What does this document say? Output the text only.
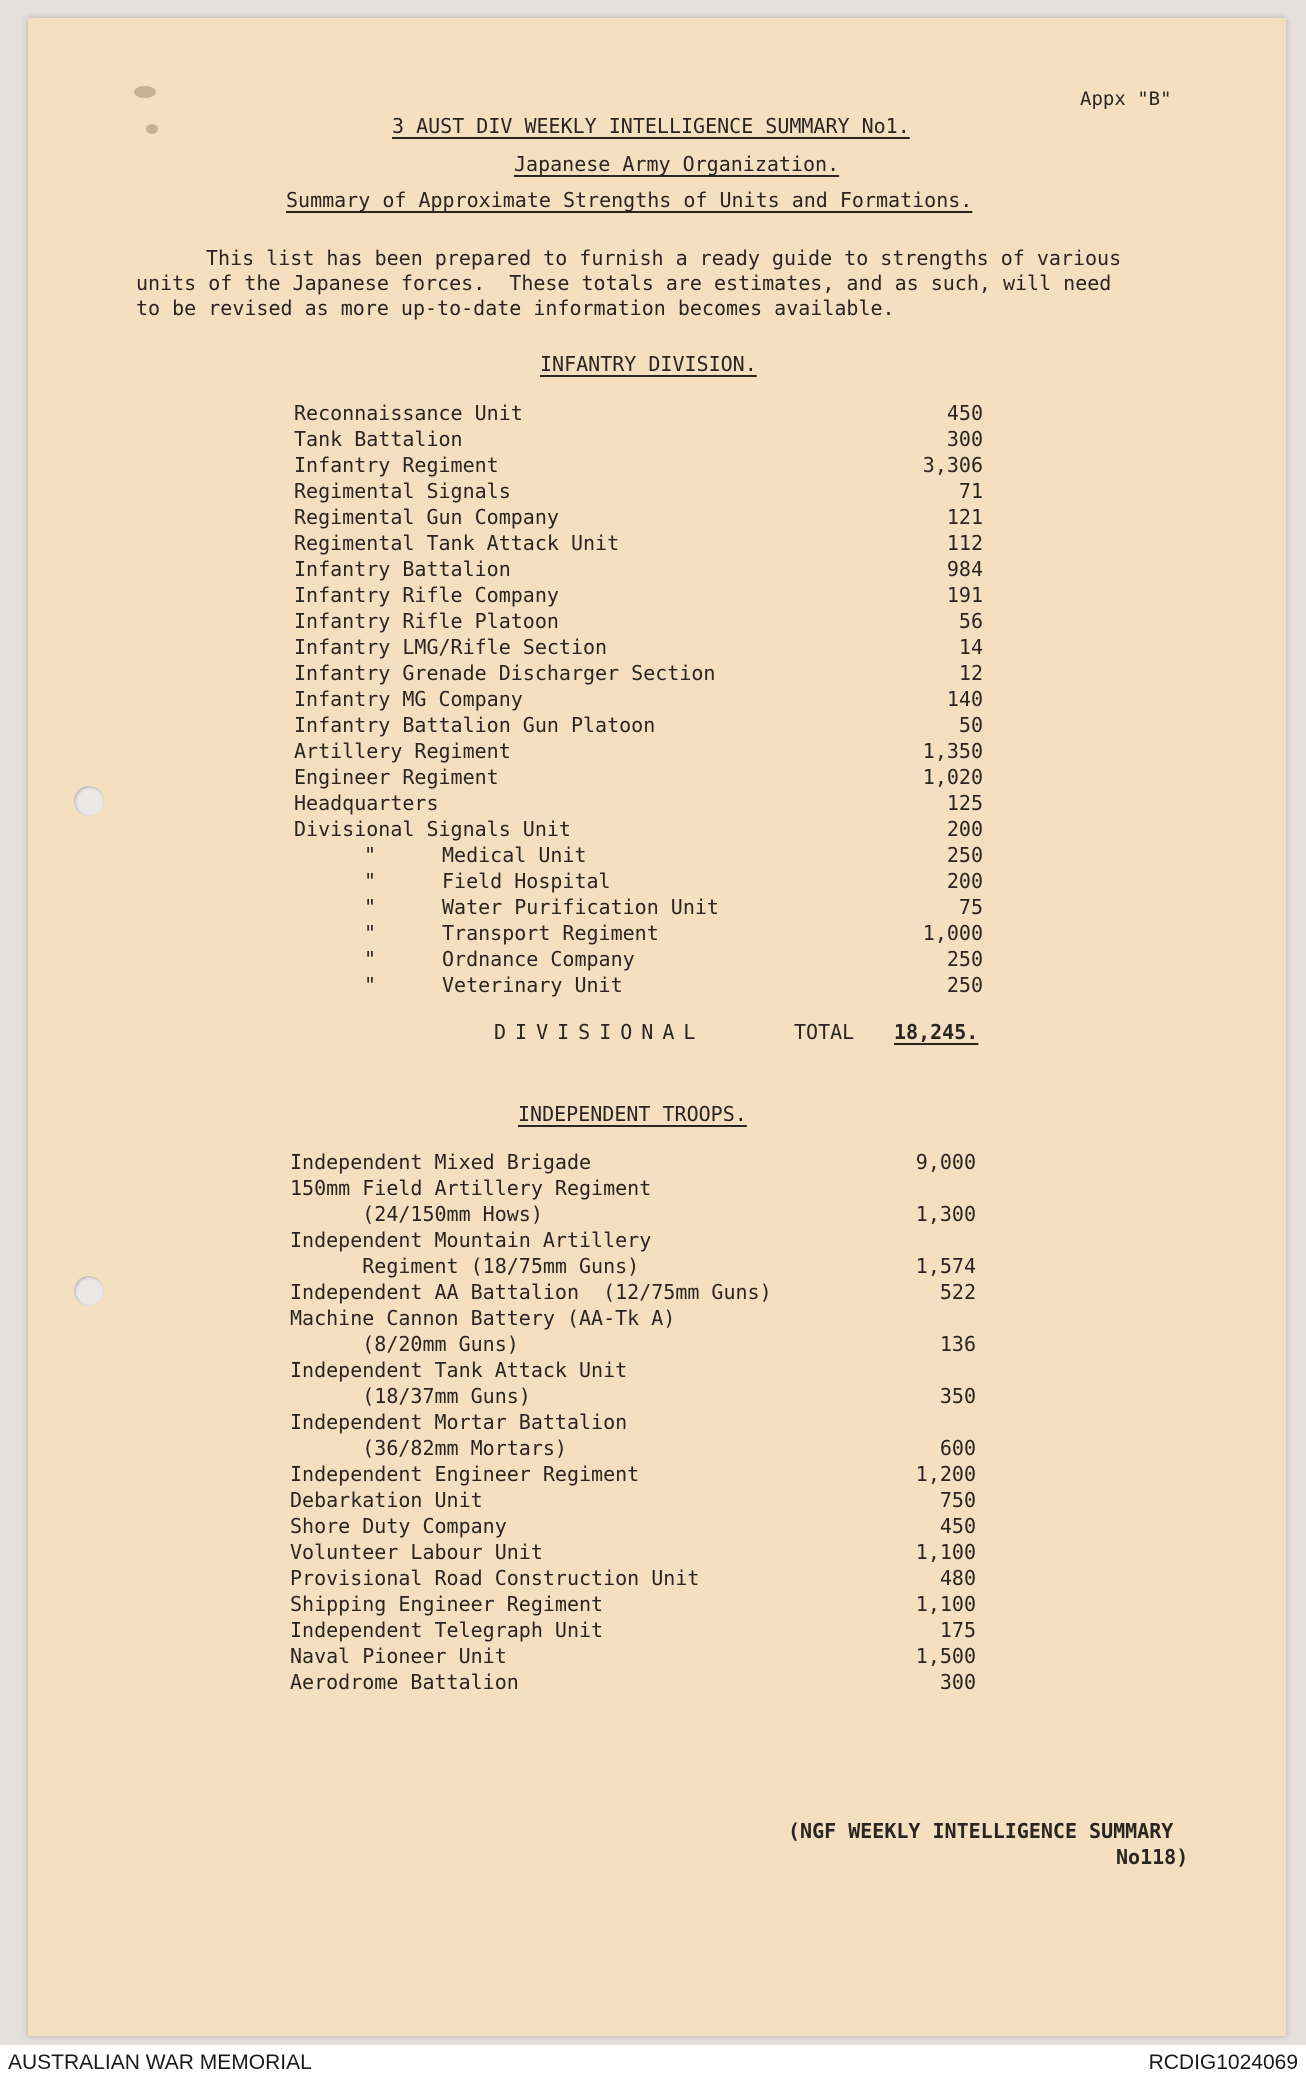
Appx "B"
3 AUST DIV WEEKLY INTELLIGENCE SUMMARY No1.
Japanese Army Organization.
Summary of Approximate Strengths of Units and Formations.

This list has been prepared to furnish a ready guide to strengths of various

units of the Japanese forces.  These totals are estimates, and as such, will need

to be revised as more up-to-date information becomes available.

INFANTRY DIVISION.
Reconnaissance Unit	450
Tank Battalion	300
Infantry Regiment	3,306
Regimental Signals	71
Regimental Gun Company	121
Regimental Tank Attack Unit	112
Infantry Battalion	984
Infantry Rifle Company	191
Infantry Rifle Platoon	56
Infantry LMG/Rifle Section	14
Infantry Grenade Discharger Section	12
Infantry MG Company	140
Infantry Battalion Gun Platoon	50
Artillery Regiment	1,350
Engineer Regiment	1,020
Headquarters	125
Divisional Signals Unit	200
"	Medical Unit	250
"	Field Hospital	200
"	Water Purification Unit	75
"	Transport Regiment	1,000
"	Ordnance Company	250
"	Veterinary Unit	250
DIVISIONAL	TOTAL 18,245.
INDEPENDENT TROOPS.
Independent Mixed Brigade	9,000
150mm Field Artillery Regiment
(24/150mm Hows)	1,300
Independent Mountain Artillery
Regiment (18/75mm Guns)	1,574
Independent AA Battalion  (12/75mm Guns)	522
Machine Cannon Battery (AA-Tk A)
(8/20mm Guns)	136
Independent Tank Attack Unit
(18/37mm Guns)	350
Independent Mortar Battalion
(36/82mm Mortars)	600
Independent Engineer Regiment	1,200
Debarkation Unit	750
Shore Duty Company	450
Volunteer Labour Unit	1,100
Provisional Road Construction Unit	480
Shipping Engineer Regiment	1,100
Independent Telegraph Unit	175
Naval Pioneer Unit	1,500
Aerodrome Battalion	300

(NGF WEEKLY INTELLIGENCE SUMMARY

No118)

AUSTRALIAN WAR MEMORIAL	RCDIG1024069
